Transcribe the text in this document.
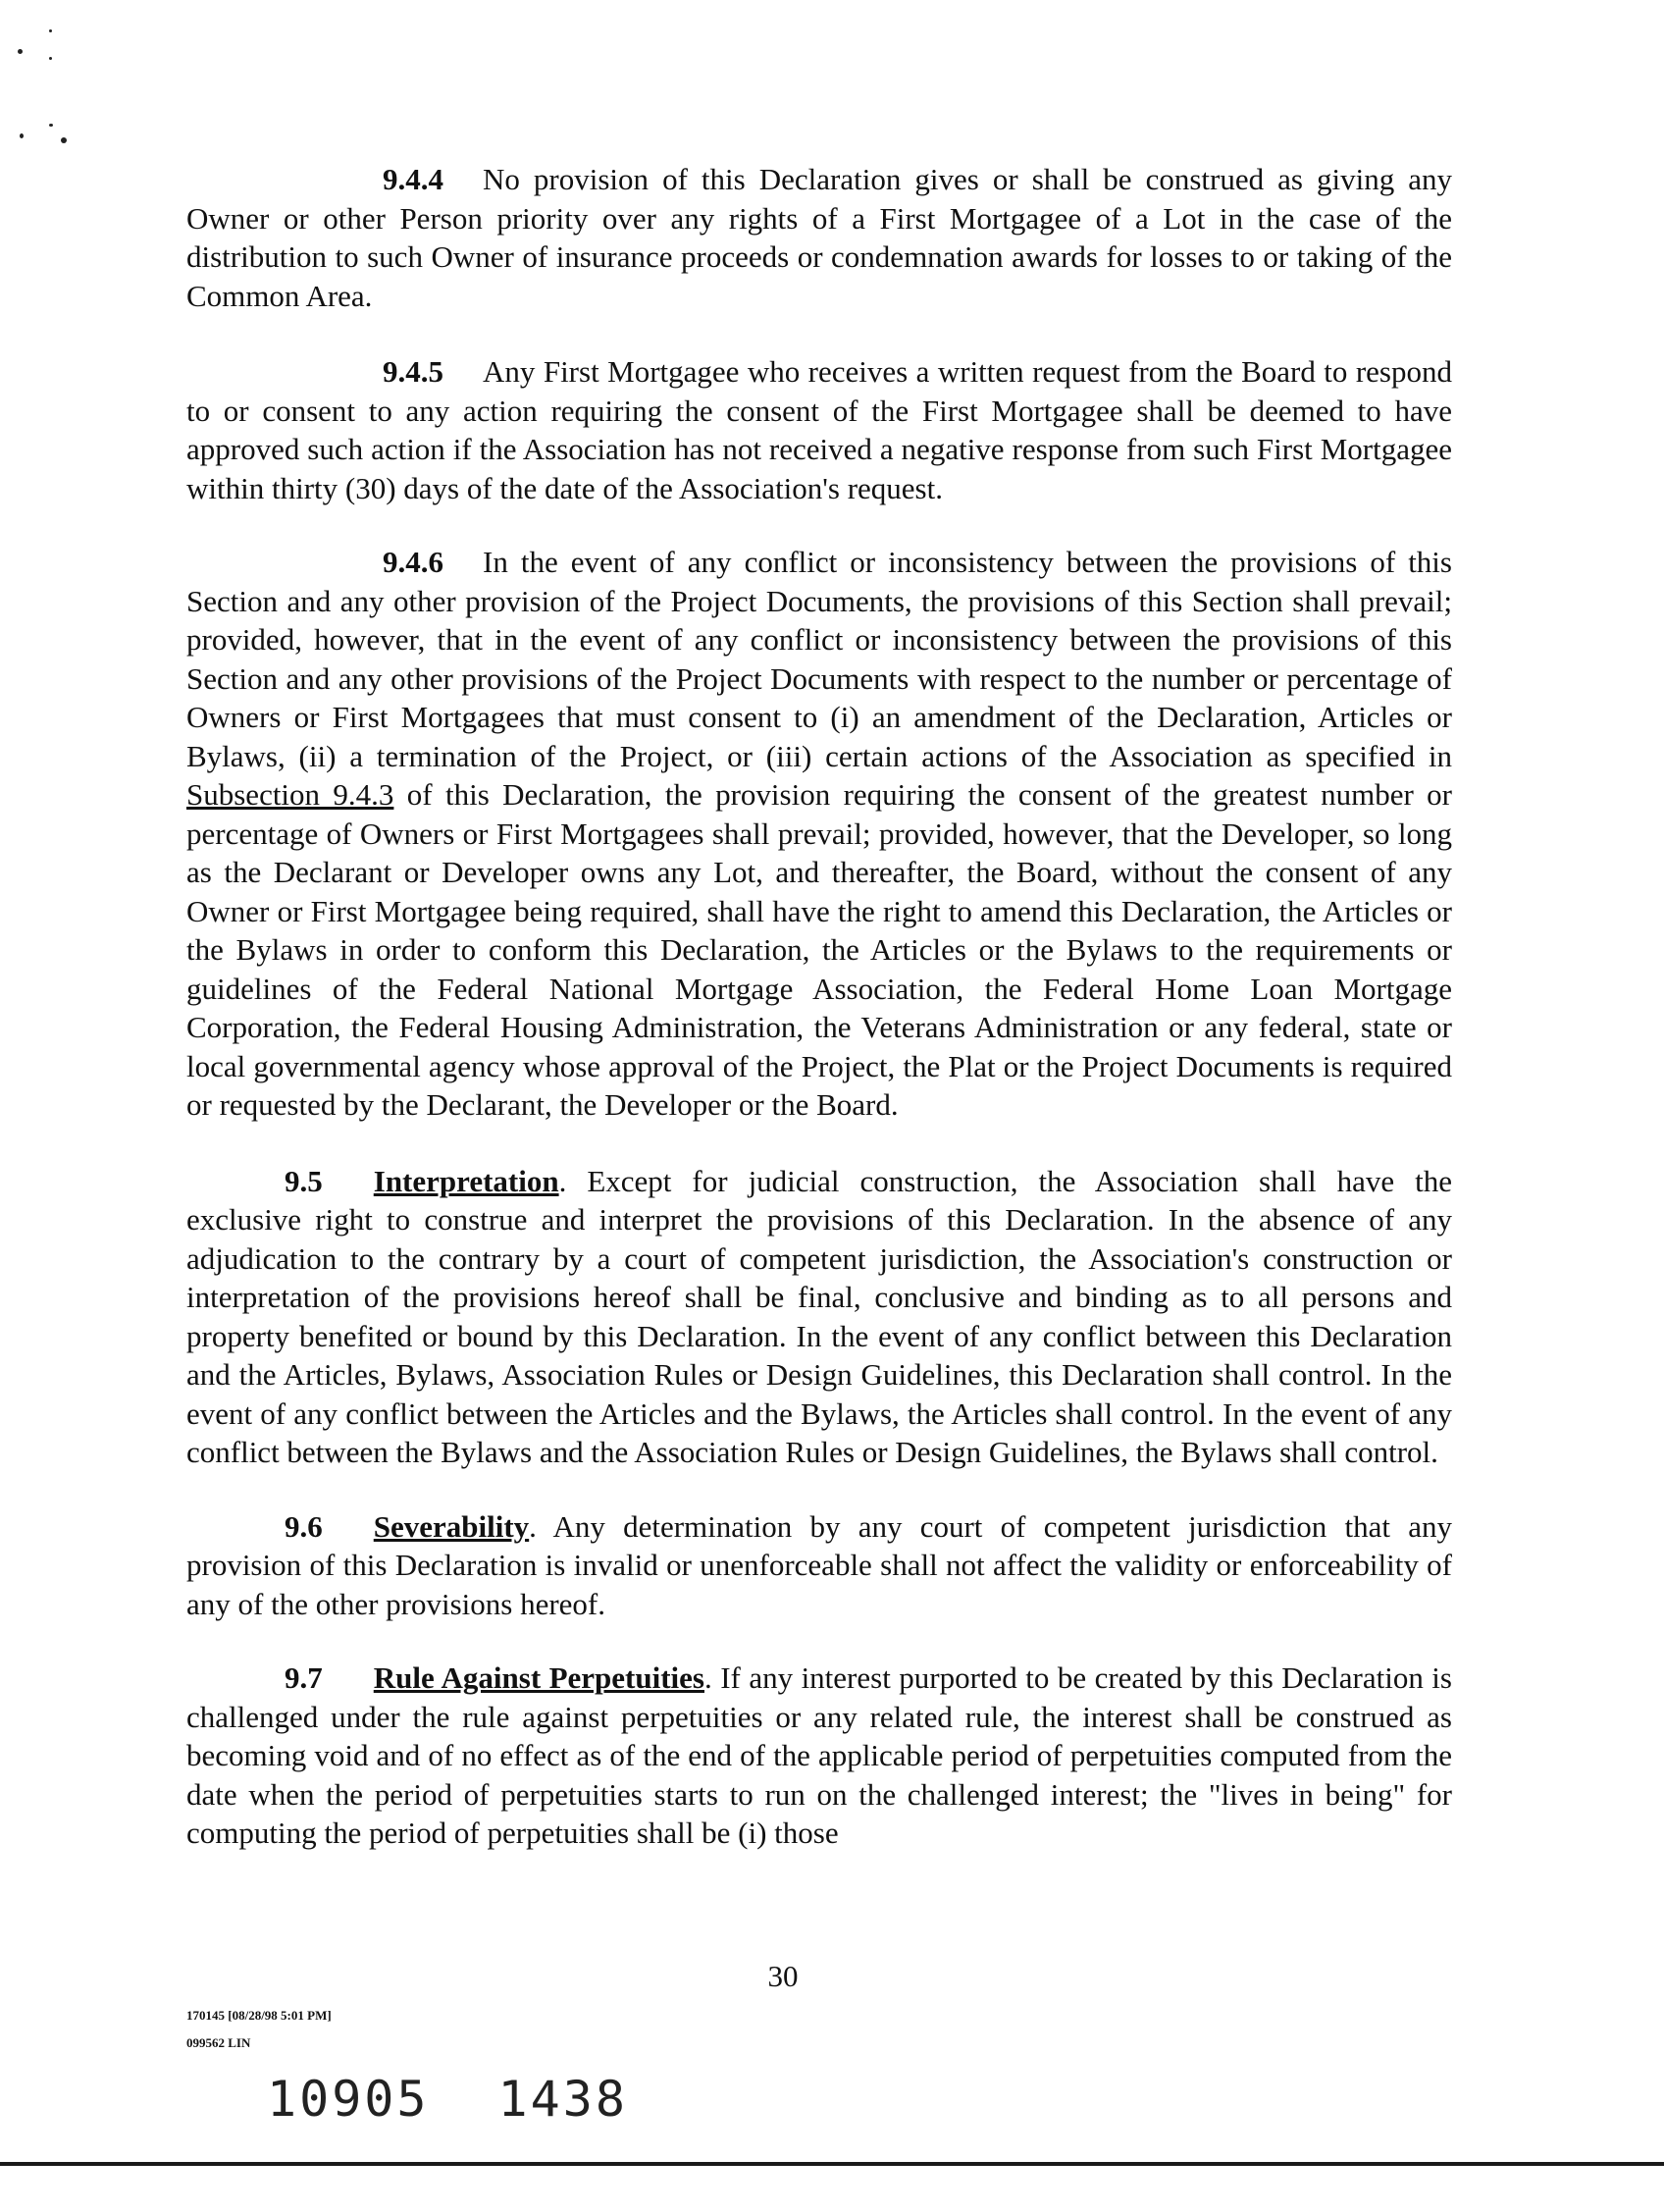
9.4.4 No provision of this Declaration gives or shall be construed as giving any Owner or other Person priority over any rights of a First Mortgagee of a Lot in the case of the distribution to such Owner of insurance proceeds or condemnation awards for losses to or taking of the Common Area.

9.4.5 Any First Mortgagee who receives a written request from the Board to respond to or consent to any action requiring the consent of the First Mortgagee shall be deemed to have approved such action if the Association has not received a negative response from such First Mortgagee within thirty (30) days of the date of the Association's request.

9.4.6 In the event of any conflict or inconsistency between the provisions of this Section and any other provision of the Project Documents, the provisions of this Section shall prevail; provided, however, that in the event of any conflict or inconsistency between the provisions of this Section and any other provisions of the Project Documents with respect to the number or percentage of Owners or First Mortgagees that must consent to (i) an amendment of the Declaration, Articles or Bylaws, (ii) a termination of the Project, or (iii) certain actions of the Association as specified in Subsection 9.4.3 of this Declaration, the provision requiring the consent of the greatest number or percentage of Owners or First Mortgagees shall prevail; provided, however, that the Developer, so long as the Declarant or Developer owns any Lot, and thereafter, the Board, without the consent of any Owner or First Mortgagee being required, shall have the right to amend this Declaration, the Articles or the Bylaws in order to conform this Declaration, the Articles or the Bylaws to the requirements or guidelines of the Federal National Mortgage Association, the Federal Home Loan Mortgage Corporation, the Federal Housing Administration, the Veterans Administration or any federal, state or local governmental agency whose approval of the Project, the Plat or the Project Documents is required or requested by the Declarant, the Developer or the Board.

9.5 Interpretation. Except for judicial construction, the Association shall have the exclusive right to construe and interpret the provisions of this Declaration. In the absence of any adjudication to the contrary by a court of competent jurisdiction, the Association's construction or interpretation of the provisions hereof shall be final, conclusive and binding as to all persons and property benefited or bound by this Declaration. In the event of any conflict between this Declaration and the Articles, Bylaws, Association Rules or Design Guidelines, this Declaration shall control. In the event of any conflict between the Articles and the Bylaws, the Articles shall control. In the event of any conflict between the Bylaws and the Association Rules or Design Guidelines, the Bylaws shall control.

9.6 Severability. Any determination by any court of competent jurisdiction that any provision of this Declaration is invalid or unenforceable shall not affect the validity or enforceability of any of the other provisions hereof.

9.7 Rule Against Perpetuities. If any interest purported to be created by this Declaration is challenged under the rule against perpetuities or any related rule, the interest shall be construed as becoming void and of no effect as of the end of the applicable period of perpetuities computed from the date when the period of perpetuities starts to run on the challenged interest; the "lives in being" for computing the period of perpetuities shall be (i) those

170145 [08/28/98 5:01 PM]
099562 LIN
30
10905 1438
